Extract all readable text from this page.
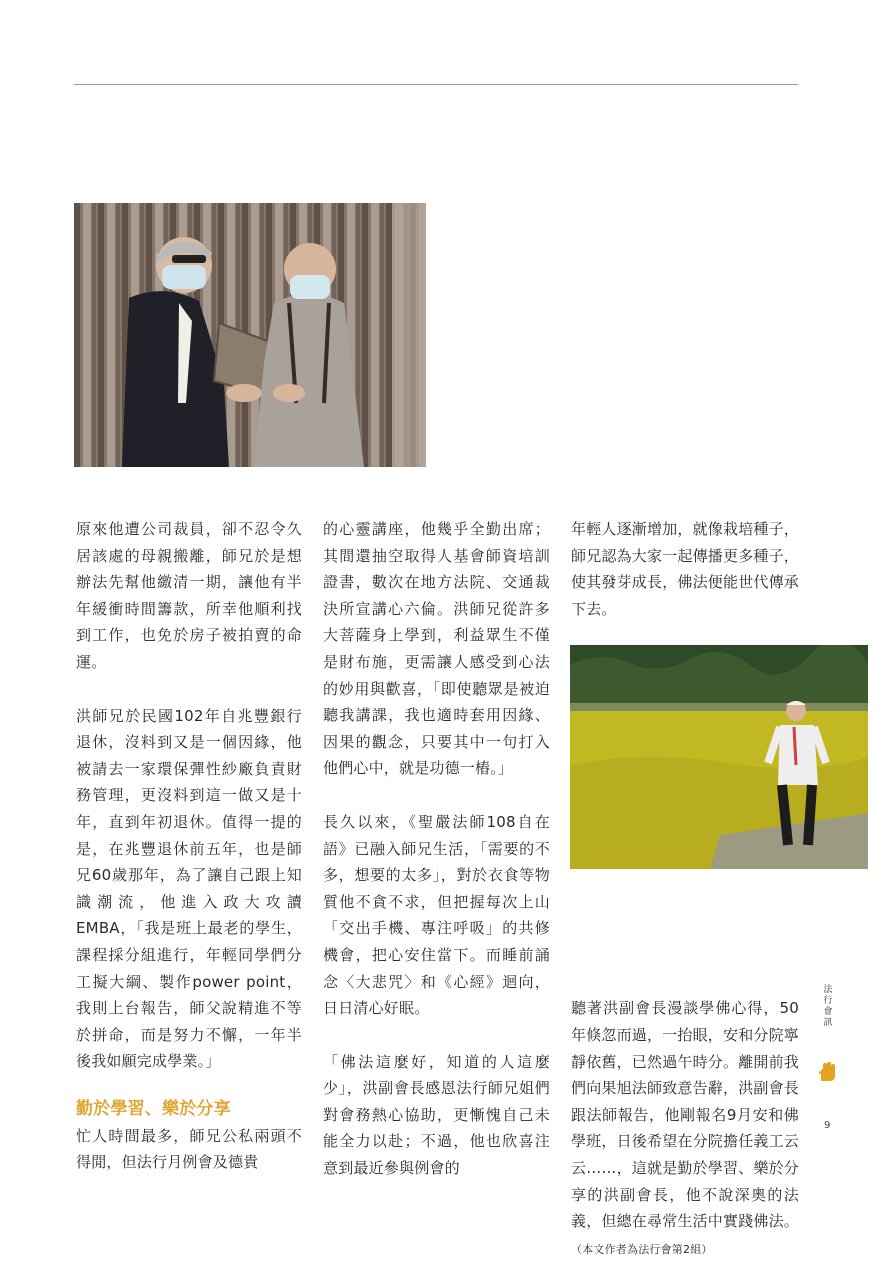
原來他遭公司裁員，卻不忍令久居該處的母親搬離，師兄於是想辦法先幫他繳清一期，讓他有半年緩衝時間籌款，所幸他順利找到工作，也免於房子被拍賣的命運。

洪師兄於民國102年自兆豐銀行退休，沒料到又是一個因緣，他被請去一家環保彈性紗廠負責財務管理，更沒料到這一做又是十年，直到年初退休。值得一提的是，在兆豐退休前五年，也是師兄60歲那年，為了讓自己跟上知識潮流，他進入政大攻讀EMBA，「我是班上最老的學生，課程採分組進行，年輕同學們分工擬大綱、製作power point，我則上台報告，師父說精進不等於拼命，而是努力不懈，一年半後我如願完成學業。」

勤於學習、樂於分享

忙人時間最多，師兄公私兩頭不得閒，但法行月例會及德貴

的心靈講座，他幾乎全勤出席；其間還抽空取得人基會師資培訓證書，數次在地方法院、交通裁決所宣講心六倫。洪師兄從許多大菩薩身上學到，利益眾生不僅是財布施，更需讓人感受到心法的妙用與歡喜，「即使聽眾是被迫聽我講課，我也適時套用因緣、因果的觀念，只要其中一句打入他們心中，就是功德一樁。」

長久以來，《聖嚴法師108自在語》已融入師兄生活，「需要的不多，想要的太多」，對於衣食等物質他不貪不求，但把握每次上山「交出手機、專注呼吸」的共修機會，把心安住當下。而睡前誦念〈大悲咒〉和《心經》迴向，日日清心好眠。

「佛法這麼好，知道的人這麼少」，洪副會長感恩法行師兄姐們對會務熱心協助，更慚愧自己未能全力以赴；不過，他也欣喜注意到最近參與例會的

年輕人逐漸增加，就像栽培種子，師兄認為大家一起傳播更多種子，使其發芽成長，佛法便能世代傳承下去。

聽著洪副會長漫談學佛心得，50年倏忽而過，一抬眼，安和分院寧靜依舊，已然過午時分。離開前我們向果旭法師致意告辭，洪副會長跟法師報告，他剛報名9月安和佛學班，日後希望在分院擔任義工云云……，這就是勤於學習、樂於分享的洪副會長，他不說深奧的法義，但總在尋常生活中實踐佛法。（本文作者為法行會第2組）

法
行
會
訊
9
